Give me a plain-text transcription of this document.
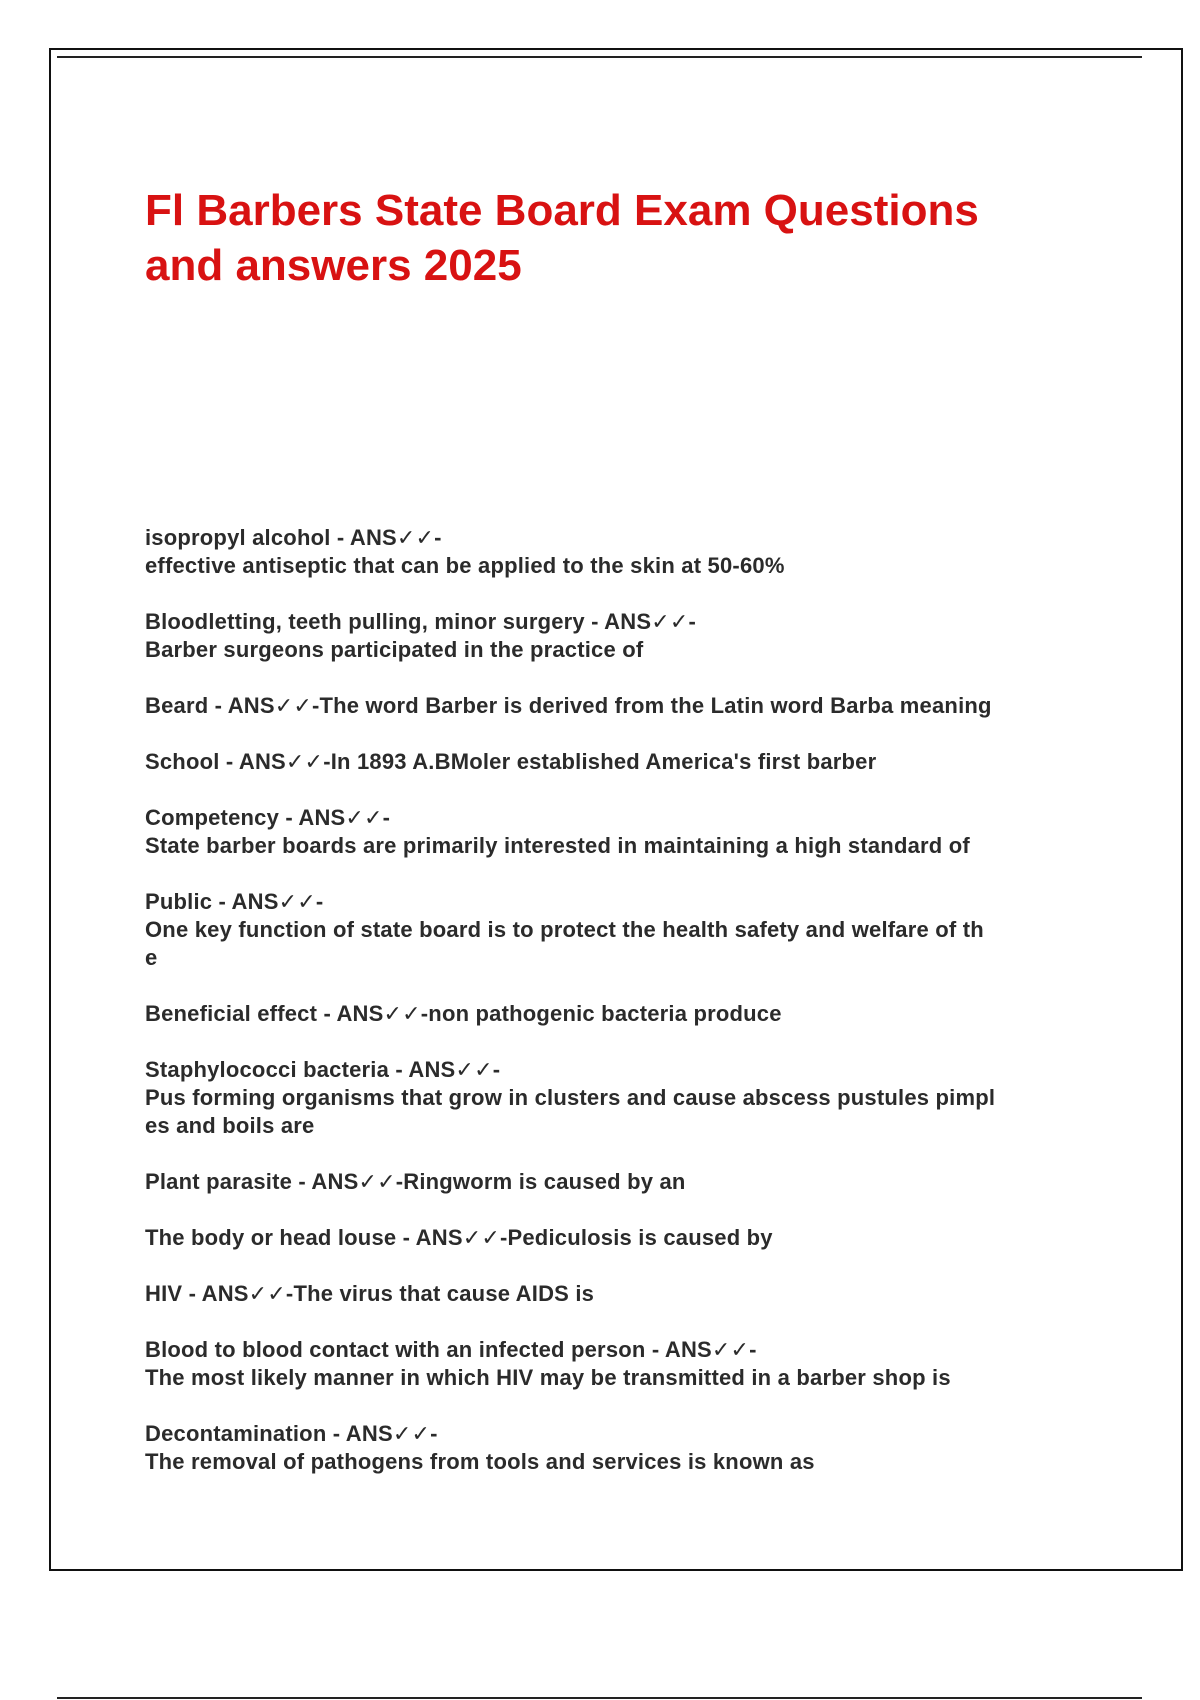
Fl Barbers State Board Exam Questions
and answers 2025
isopropyl alcohol - ANS✓✓-
effective antiseptic that can be applied to the skin at 50-60%
Bloodletting, teeth pulling, minor surgery - ANS✓✓-
Barber surgeons participated in the practice of
Beard - ANS✓✓-The word Barber is derived from the Latin word Barba meaning
School - ANS✓✓-In 1893 A.BMoler established America's first barber
Competency - ANS✓✓-
State barber boards are primarily interested in maintaining a high standard of
Public - ANS✓✓-
One key function of state board is to protect the health safety and welfare of th
e
Beneficial effect - ANS✓✓-non pathogenic bacteria produce
Staphylococci bacteria - ANS✓✓-
Pus forming organisms that grow in clusters and cause abscess pustules pimpl
es and boils are
Plant parasite - ANS✓✓-Ringworm is caused by an
The body or head louse - ANS✓✓-Pediculosis is caused by
HIV - ANS✓✓-The virus that cause AIDS is
Blood to blood contact with an infected person - ANS✓✓-
The most likely manner in which HIV may be transmitted in a barber shop is
Decontamination - ANS✓✓-
The removal of pathogens from tools and services is known as
